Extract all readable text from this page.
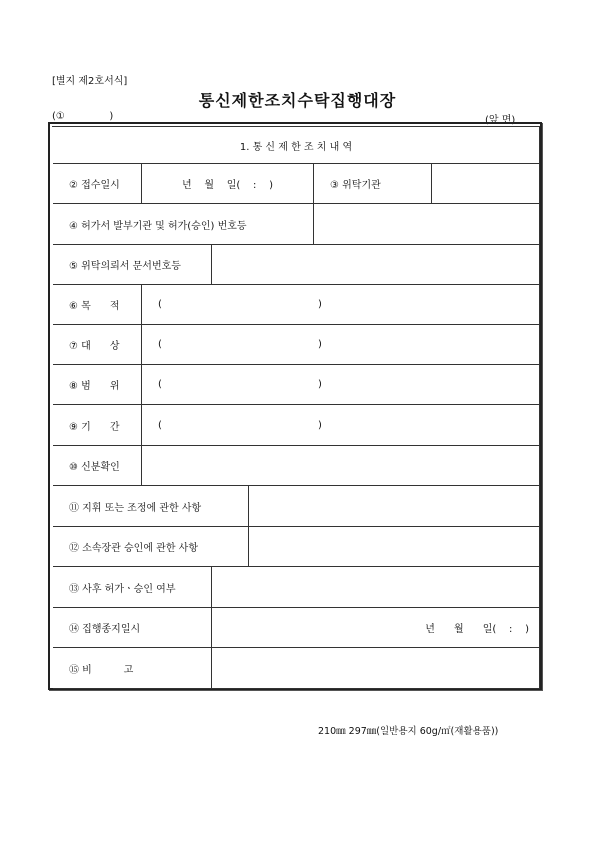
[별지 제2호서식]
통신제한조치수탁집행대장
(①              )	(앞 면)
1. 통 신 제 한 조 치 내 역
② 접수일시	년    월    일(    :    )	③ 위탁기관
④ 허가서 발부기관 및 허가(승인) 번호등
⑤ 위탁의뢰서 문서번호등
⑥ 목      적	(	)
⑦ 대      상	(	)
⑧ 범      위	(	)
⑨ 기      간	(	)
⑩ 신분확인
⑪ 지휘 또는 조정에 관한 사항
⑫ 소속장관 승인에 관한 사항
⑬ 사후 허가ㆍ승인 여부
⑭ 집행종지일시	년      월      일(    :    )
⑮ 비          고
210㎜ 297㎜(일반용지 60g/㎡(재활용품))
